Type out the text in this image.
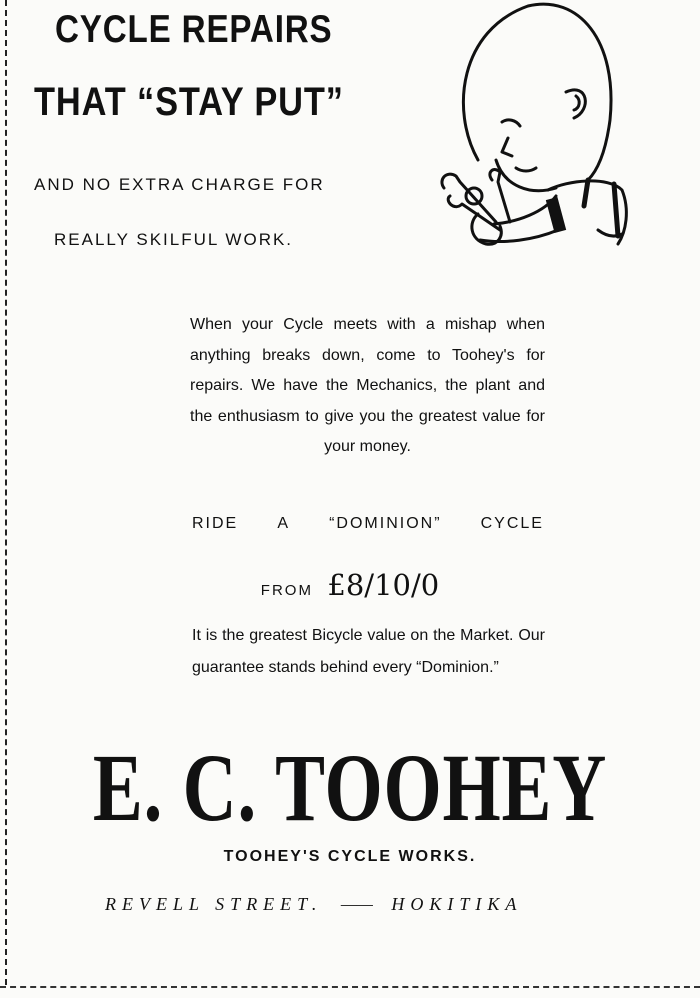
CYCLE REPAIRS
THAT “STAY PUT”
AND NO EXTRA CHARGE FOR
REALLY SKILFUL WORK.
When your Cycle meets with a mishap when anything breaks down, come to Toohey's for repairs. We have the Mechanics, the plant and the enthusiasm to give you the greatest value for your money.
RIDE A “DOMINION” CYCLE
FROM £8/10/0
It is the greatest Bicycle value on the Market. Our guarantee stands behind every “Dominion.”
E. C. TOOHEY
TOOHEY'S CYCLE WORKS.
REVELL STREET. —— HOKITIKA
